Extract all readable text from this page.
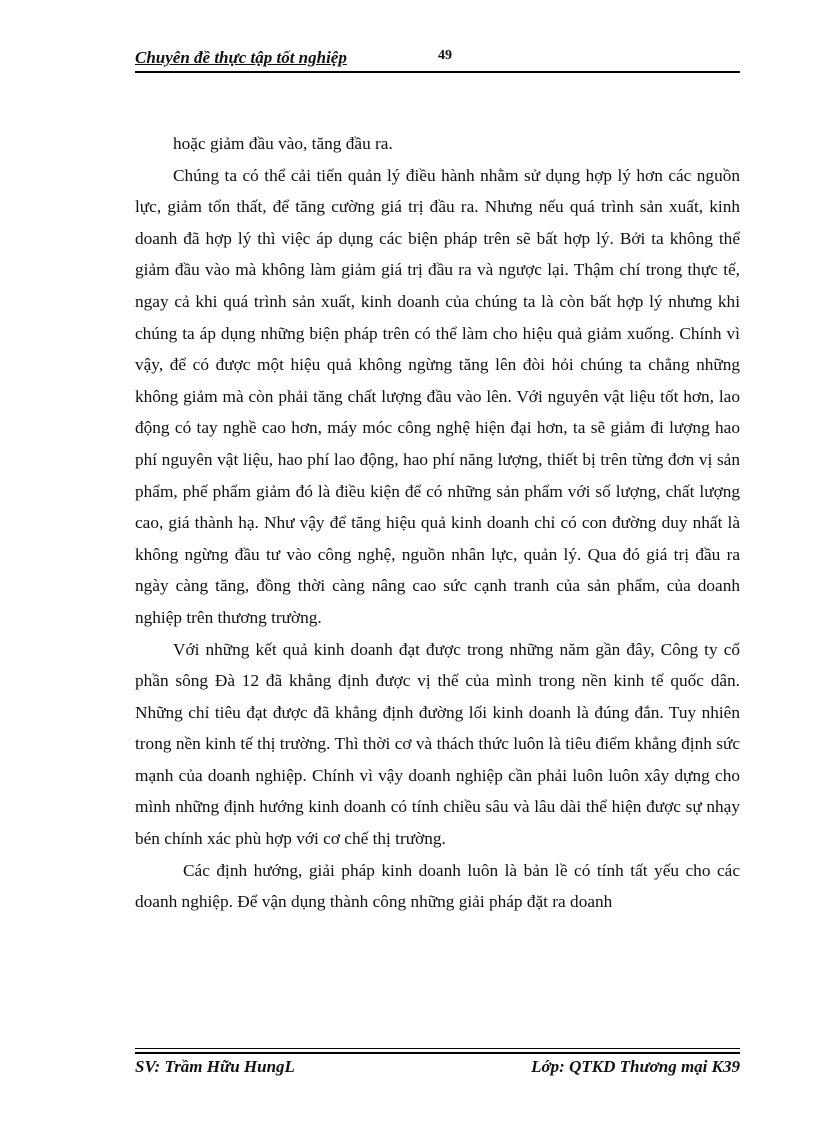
Chuyên đề thực tập tốt nghiệp	49

hoặc giảm đầu vào, tăng đầu ra.

Chúng ta có thể cải tiến quản lý điều hành nhằm sử dụng hợp lý hơn các nguồn lực, giảm tổn thất, để tăng cường giá trị đầu ra. Nhưng nếu quá trình sản xuất, kinh doanh đã hợp lý thì việc áp dụng các biện pháp trên sẽ bất hợp lý. Bởi ta không thể giảm đầu vào mà không làm giảm giá trị đầu ra và ngược lại. Thậm chí trong thực tế, ngay cả khi quá trình sản xuất, kinh doanh của chúng ta là còn bất hợp lý nhưng khi chúng ta áp dụng những biện pháp trên có thể làm cho hiệu quả giảm xuống. Chính vì vậy, để có được một hiệu quả không ngừng tăng lên đòi hỏi chúng ta chẳng những không giảm mà còn phải tăng chất lượng đầu vào lên. Với nguyên vật liệu tốt hơn, lao động có tay nghề cao hơn, máy móc công nghệ hiện đại hơn, ta sẽ giảm đi lượng hao phí nguyên vật liệu, hao phí lao động, hao phí năng lượng, thiết bị trên từng đơn vị sản phẩm, phế phẩm giảm đó là điều kiện để có những sản phẩm với số lượng, chất lượng cao, giá thành hạ. Như vậy để tăng hiệu quả kinh doanh chỉ có con đường duy nhất là không ngừng đầu tư vào công nghệ, nguồn nhân lực, quản lý. Qua đó giá trị đầu ra ngày càng tăng, đồng thời càng nâng cao sức cạnh tranh của sản phẩm, của doanh nghiệp trên thương trường.

Với những kết quả kinh doanh đạt được trong những năm gần đây, Công ty cổ phần sông Đà 12 đã khẳng định được vị thế của mình trong nền kinh tế quốc dân. Những chỉ tiêu đạt được đã khẳng định đường lối kinh doanh là đúng đắn. Tuy nhiên trong nền kinh tế thị trường. Thì thời cơ và thách thức luôn là tiêu điểm khẳng định sức mạnh của doanh nghiệp. Chính vì vậy doanh nghiệp cần phải luôn luôn xây dựng cho mình những định hướng kinh doanh có tính chiều sâu và lâu dài thể hiện được sự nhạy bén chính xác phù hợp với cơ chế thị trường.

Các định hướng, giải pháp kinh doanh luôn là bản lề có tính tất yếu cho các doanh nghiệp. Để vận dụng thành công những giải pháp đặt ra doanh

SV: Trầm Hữu HungL	Lớp: QTKD Thương mại K39
